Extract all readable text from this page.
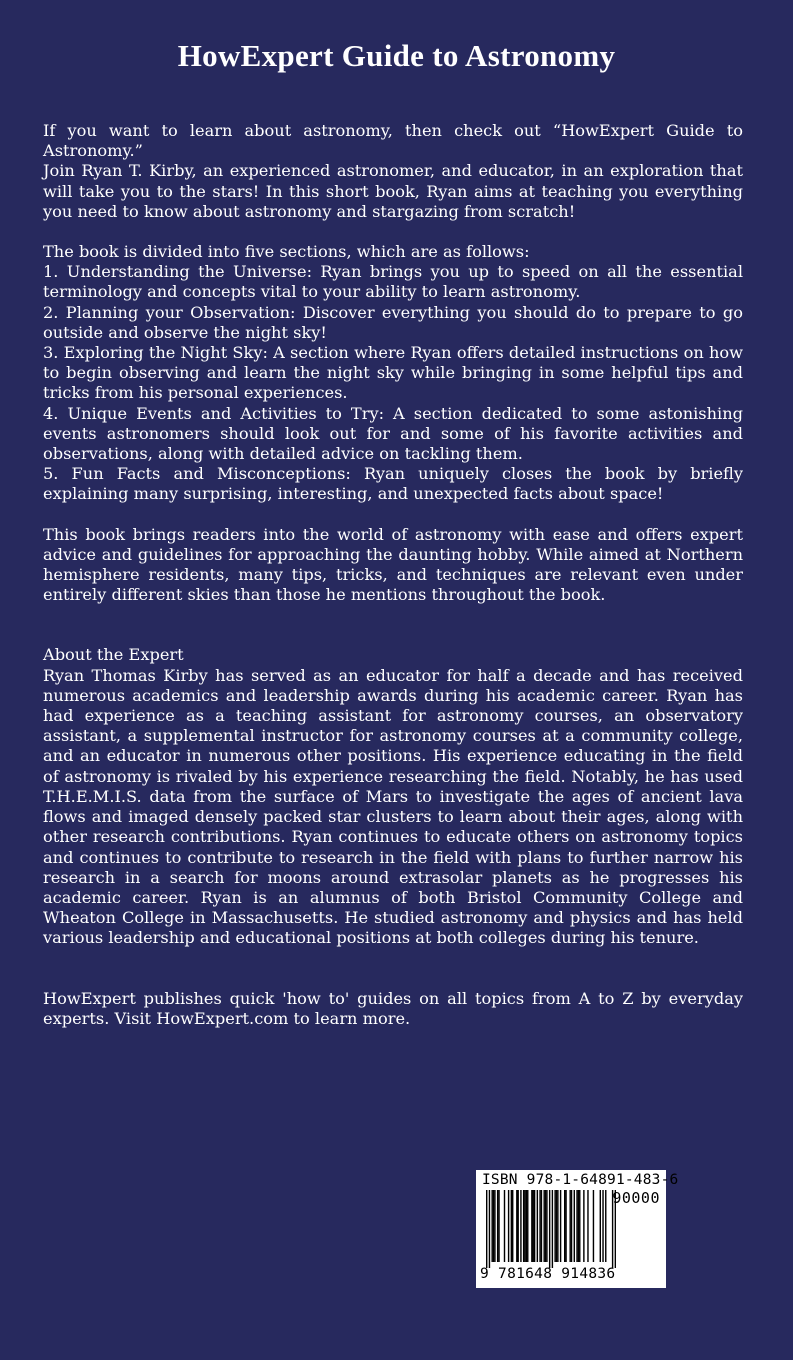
HowExpert Guide to Astronomy

If you want to learn about astronomy, then check out “HowExpert Guide to Astronomy.”

Join Ryan T. Kirby, an experienced astronomer, and educator, in an exploration that will take you to the stars! In this short book, Ryan aims at teaching you everything you need to know about astronomy and stargazing from scratch!

The book is divided into five sections, which are as follows:

1. Understanding the Universe: Ryan brings you up to speed on all the essential terminology and concepts vital to your ability to learn astronomy.

2. Planning your Observation: Discover everything you should do to prepare to go outside and observe the night sky!

3. Exploring the Night Sky: A section where Ryan offers detailed instructions on how to begin observing and learn the night sky while bringing in some helpful tips and tricks from his personal experiences.

4. Unique Events and Activities to Try: A section dedicated to some astonishing events astronomers should look out for and some of his favorite activities and observations, along with detailed advice on tackling them.

5. Fun Facts and Misconceptions: Ryan uniquely closes the book by briefly explaining many surprising, interesting, and unexpected facts about space!

This book brings readers into the world of astronomy with ease and offers expert advice and guidelines for approaching the daunting hobby. While aimed at Northern hemisphere residents, many tips, tricks, and techniques are relevant even under entirely different skies than those he mentions throughout the book.

About the Expert

Ryan Thomas Kirby has served as an educator for half a decade and has received numerous academics and leadership awards during his academic career. Ryan has had experience as a teaching assistant for astronomy courses, an observatory assistant, a supplemental instructor for astronomy courses at a community college, and an educator in numerous other positions. His experience educating in the field of astronomy is rivaled by his experience researching the field. Notably, he has used T.H.E.M.I.S. data from the surface of Mars to investigate the ages of ancient lava flows and imaged densely packed star clusters to learn about their ages, along with other research contributions. Ryan continues to educate others on astronomy topics and continues to contribute to research in the field with plans to further narrow his research in a search for moons around extrasolar planets as he progresses his academic career. Ryan is an alumnus of both Bristol Community College and Wheaton College in Massachusetts. He studied astronomy and physics and has held various leadership and educational positions at both colleges during his tenure.

HowExpert publishes quick 'how to' guides on all topics from A to Z by everyday experts. Visit HowExpert.com to learn more.

ISBN 978-1-64891-483-6
90000
9 781648 914836
